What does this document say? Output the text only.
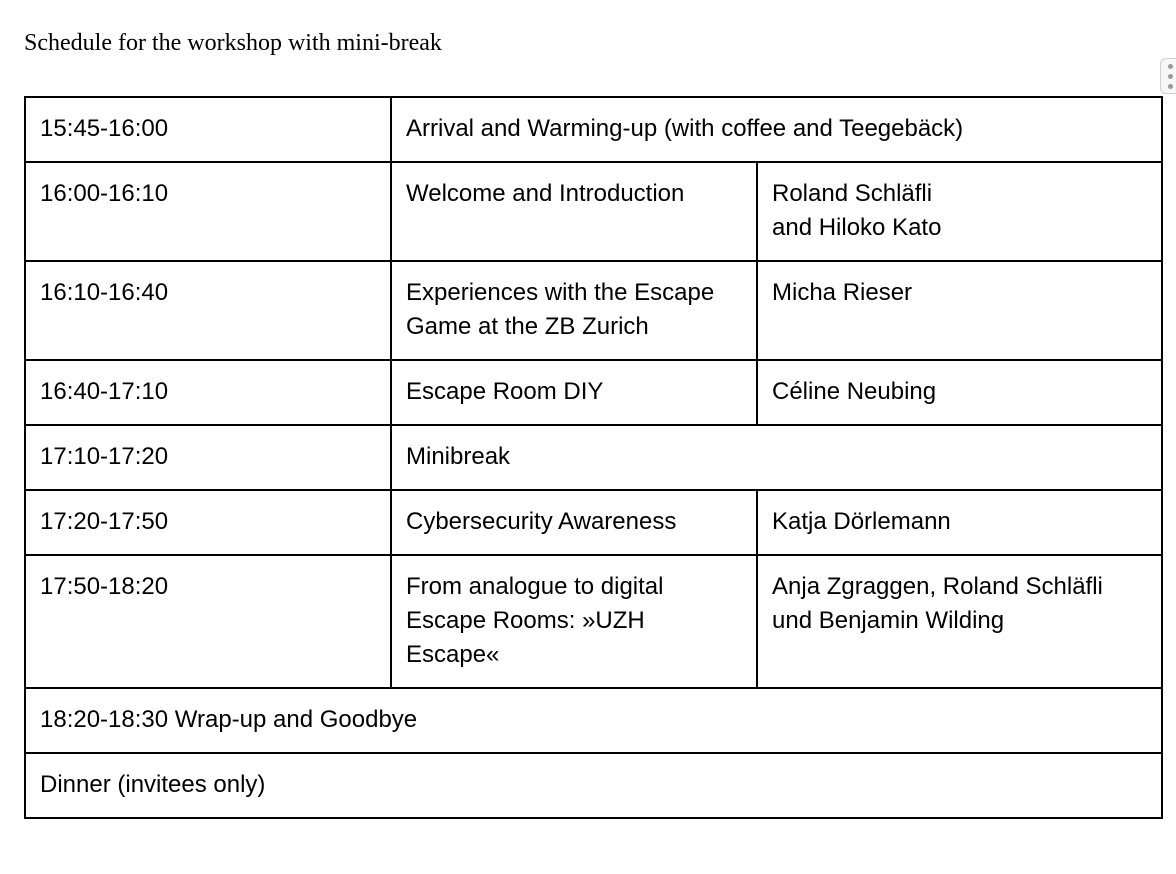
Schedule for the workshop with mini-break
15:45-16:00	Arrival and Warming-up (with coffee and Teegebäck)	

16:00-16:10	Welcome and Introduction	Roland Schläfli
and Hiloko Kato

16:10-16:40	Experiences with the Escape Game at the ZB Zurich	Micha Rieser

16:40-17:10	Escape Room DIY	Céline Neubing

17:10-17:20	Minibreak	

17:20-17:50	Cybersecurity Awareness	Katja Dörlemann

17:50-18:20	From analogue to digital Escape Rooms: »UZH Escape«	Anja Zgraggen, Roland Schläfli und Benjamin Wilding

18:20-18:30 Wrap-up and Goodbye		

Dinner (invitees only)		
